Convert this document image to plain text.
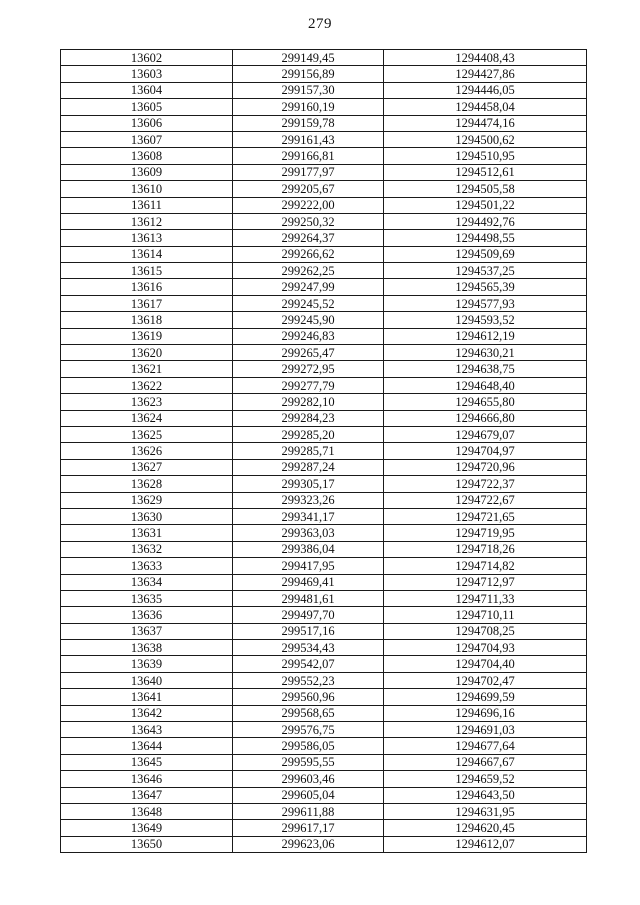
279
13602	299149,45	1294408,43
13603	299156,89	1294427,86
13604	299157,30	1294446,05
13605	299160,19	1294458,04
13606	299159,78	1294474,16
13607	299161,43	1294500,62
13608	299166,81	1294510,95
13609	299177,97	1294512,61
13610	299205,67	1294505,58
13611	299222,00	1294501,22
13612	299250,32	1294492,76
13613	299264,37	1294498,55
13614	299266,62	1294509,69
13615	299262,25	1294537,25
13616	299247,99	1294565,39
13617	299245,52	1294577,93
13618	299245,90	1294593,52
13619	299246,83	1294612,19
13620	299265,47	1294630,21
13621	299272,95	1294638,75
13622	299277,79	1294648,40
13623	299282,10	1294655,80
13624	299284,23	1294666,80
13625	299285,20	1294679,07
13626	299285,71	1294704,97
13627	299287,24	1294720,96
13628	299305,17	1294722,37
13629	299323,26	1294722,67
13630	299341,17	1294721,65
13631	299363,03	1294719,95
13632	299386,04	1294718,26
13633	299417,95	1294714,82
13634	299469,41	1294712,97
13635	299481,61	1294711,33
13636	299497,70	1294710,11
13637	299517,16	1294708,25
13638	299534,43	1294704,93
13639	299542,07	1294704,40
13640	299552,23	1294702,47
13641	299560,96	1294699,59
13642	299568,65	1294696,16
13643	299576,75	1294691,03
13644	299586,05	1294677,64
13645	299595,55	1294667,67
13646	299603,46	1294659,52
13647	299605,04	1294643,50
13648	299611,88	1294631,95
13649	299617,17	1294620,45
13650	299623,06	1294612,07
